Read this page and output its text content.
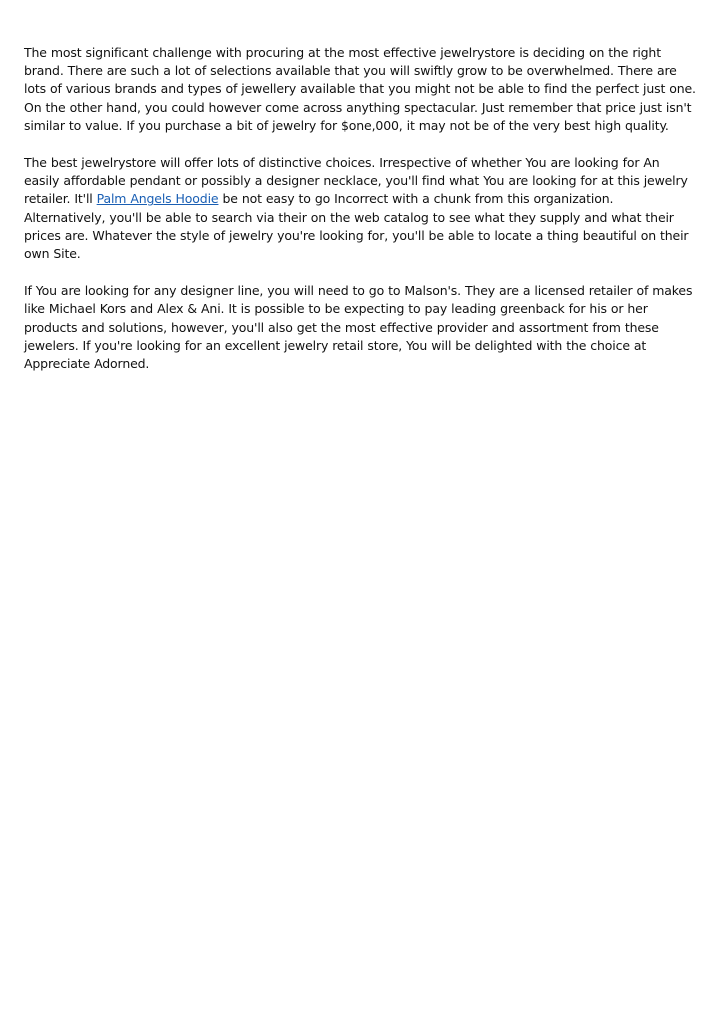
The most significant challenge with procuring at the most effective jewelrystore is deciding on the right brand. There are such a lot of selections available that you will swiftly grow to be overwhelmed. There are lots of various brands and types of jewellery available that you might not be able to find the perfect just one. On the other hand, you could however come across anything spectacular. Just remember that price just isn't similar to value. If you purchase a bit of jewelry for $one,000, it may not be of the very best high quality.

The best jewelrystore will offer lots of distinctive choices. Irrespective of whether You are looking for An easily affordable pendant or possibly a designer necklace, you'll find what You are looking for at this jewelry retailer. It'll Palm Angels Hoodie be not easy to go Incorrect with a chunk from this organization. Alternatively, you'll be able to search via their on the web catalog to see what they supply and what their prices are. Whatever the style of jewelry you're looking for, you'll be able to locate a thing beautiful on their own Site.

If You are looking for any designer line, you will need to go to Malson's. They are a licensed retailer of makes like Michael Kors and Alex & Ani. It is possible to be expecting to pay leading greenback for his or her products and solutions, however, you'll also get the most effective provider and assortment from these jewelers. If you're looking for an excellent jewelry retail store, You will be delighted with the choice at Appreciate Adorned.
